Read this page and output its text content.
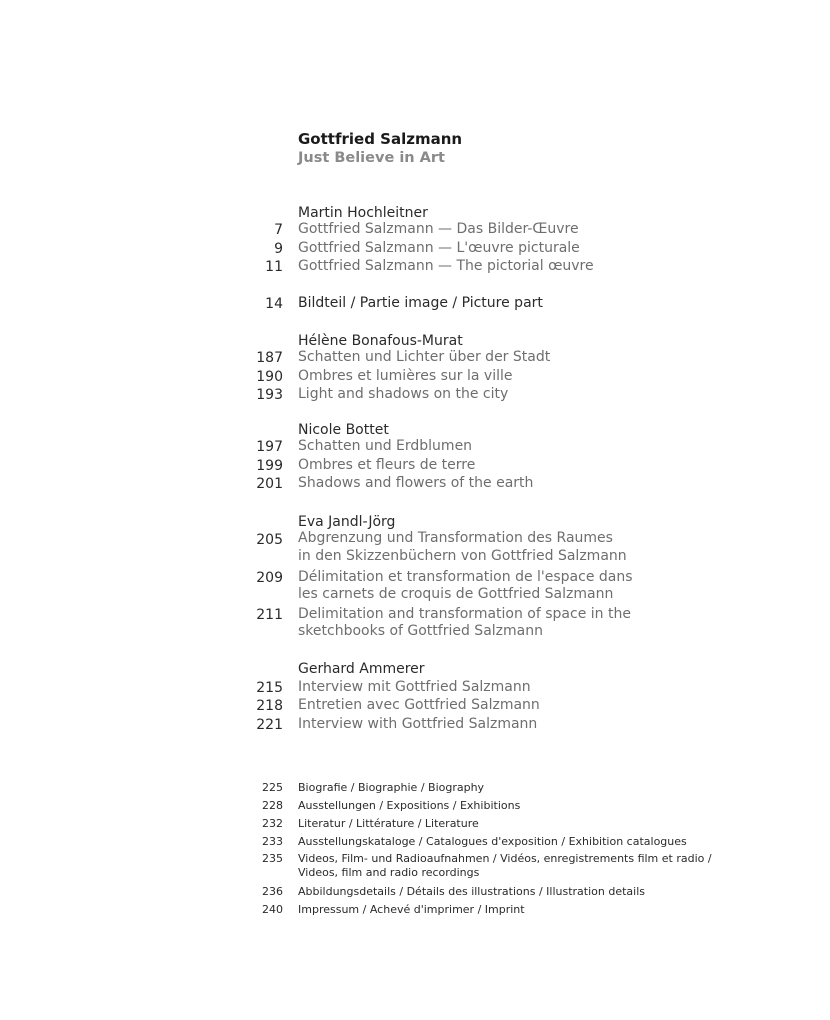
Gottfried Salzmann
Just Believe in Art
Martin Hochleitner
7 Gottfried Salzmann — Das Bilder-Œuvre
9 Gottfried Salzmann — L'œuvre picturale
11 Gottfried Salzmann — The pictorial œuvre
14 Bildteil / Partie image / Picture part
Hélène Bonafous-Murat
187 Schatten und Lichter über der Stadt
190 Ombres et lumières sur la ville
193 Light and shadows on the city
Nicole Bottet
197 Schatten und Erdblumen
199 Ombres et fleurs de terre
201 Shadows and flowers of the earth
Eva Jandl-Jörg
205 Abgrenzung und Transformation des Raumes
in den Skizzenbüchern von Gottfried Salzmann
209 Délimitation et transformation de l'espace dans
les carnets de croquis de Gottfried Salzmann
211 Delimitation and transformation of space in the
sketchbooks of Gottfried Salzmann
Gerhard Ammerer
215 Interview mit Gottfried Salzmann
218 Entretien avec Gottfried Salzmann
221 Interview with Gottfried Salzmann
225 Biografie / Biographie / Biography
228 Ausstellungen / Expositions / Exhibitions
232 Literatur / Littérature / Literature
233 Ausstellungskataloge / Catalogues d'exposition / Exhibition catalogues
235 Videos, Film- und Radioaufnahmen / Vidéos, enregistrements film et radio /
Videos, film and radio recordings
236 Abbildungsdetails / Détails des illustrations / Illustration details
240 Impressum / Achevé d'imprimer / Imprint
